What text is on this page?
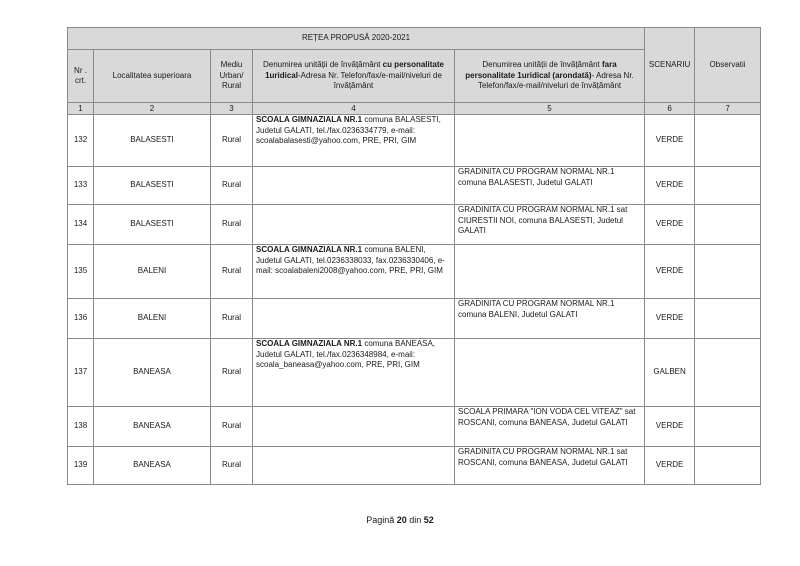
REȚEA PROPUSĂ 2020-2021					SCENARIU	Observatii
Nr . crt.	Localitatea superioara	Mediu Urban/ Rural	Denumirea unității de învățământ cu personalitate 1uridical-Adresa Nr. Telefon/fax/e-mail/niveluri de învățământ	Denumirea unității de învățământ fara personalitate 1uridical (arondată)- Adresa Nr. Telefon/fax/e-mail/niveluri de învățământ		
1	2	3	4	5	6	7
132	BALASESTI	Rural	SCOALA GIMNAZIALA NR.1 comuna BALASESTI, Judetul GALATI, tel./fax.0236334779, e-mail: scoalabalasesti@yahoo.com, PRE, PRI, GIM		VERDE	
133	BALASESTI	Rural		GRADINITA CU PROGRAM NORMAL NR.1 comuna BALASESTI, Judetul GALATI	VERDE	
134	BALASESTI	Rural		GRADINITA CU PROGRAM NORMAL NR.1 sat CIURESTII NOI, comuna BALASESTI, Judetul GALATI	VERDE	
135	BALENI	Rural	SCOALA GIMNAZIALA NR.1 comuna BALENI, Judetul GALATI, tel.0236338033, fax.0236330406, e-mail: scoalabaleni2008@yahoo.com, PRE, PRI, GIM		VERDE	
136	BALENI	Rural		GRADINITA CU PROGRAM NORMAL NR.1 comuna BALENI, Judetul GALATI	VERDE	
137	BANEASA	Rural	SCOALA GIMNAZIALA NR.1 comuna BANEASA, Judetul GALATI, tel./fax.0236348984, e-mail: scoala_baneasa@yahoo.com, PRE, PRI, GIM		GALBEN	
138	BANEASA	Rural		SCOALA PRIMARA "ION VODA CEL VITEAZ" sat ROSCANI, comuna BANEASA, Judetul GALATI	VERDE	
139	BANEASA	Rural		GRADINITA CU PROGRAM NORMAL NR.1 sat ROSCANI, comuna BANEASA, Judetul GALATI	VERDE	
Pagină 20 din 52
